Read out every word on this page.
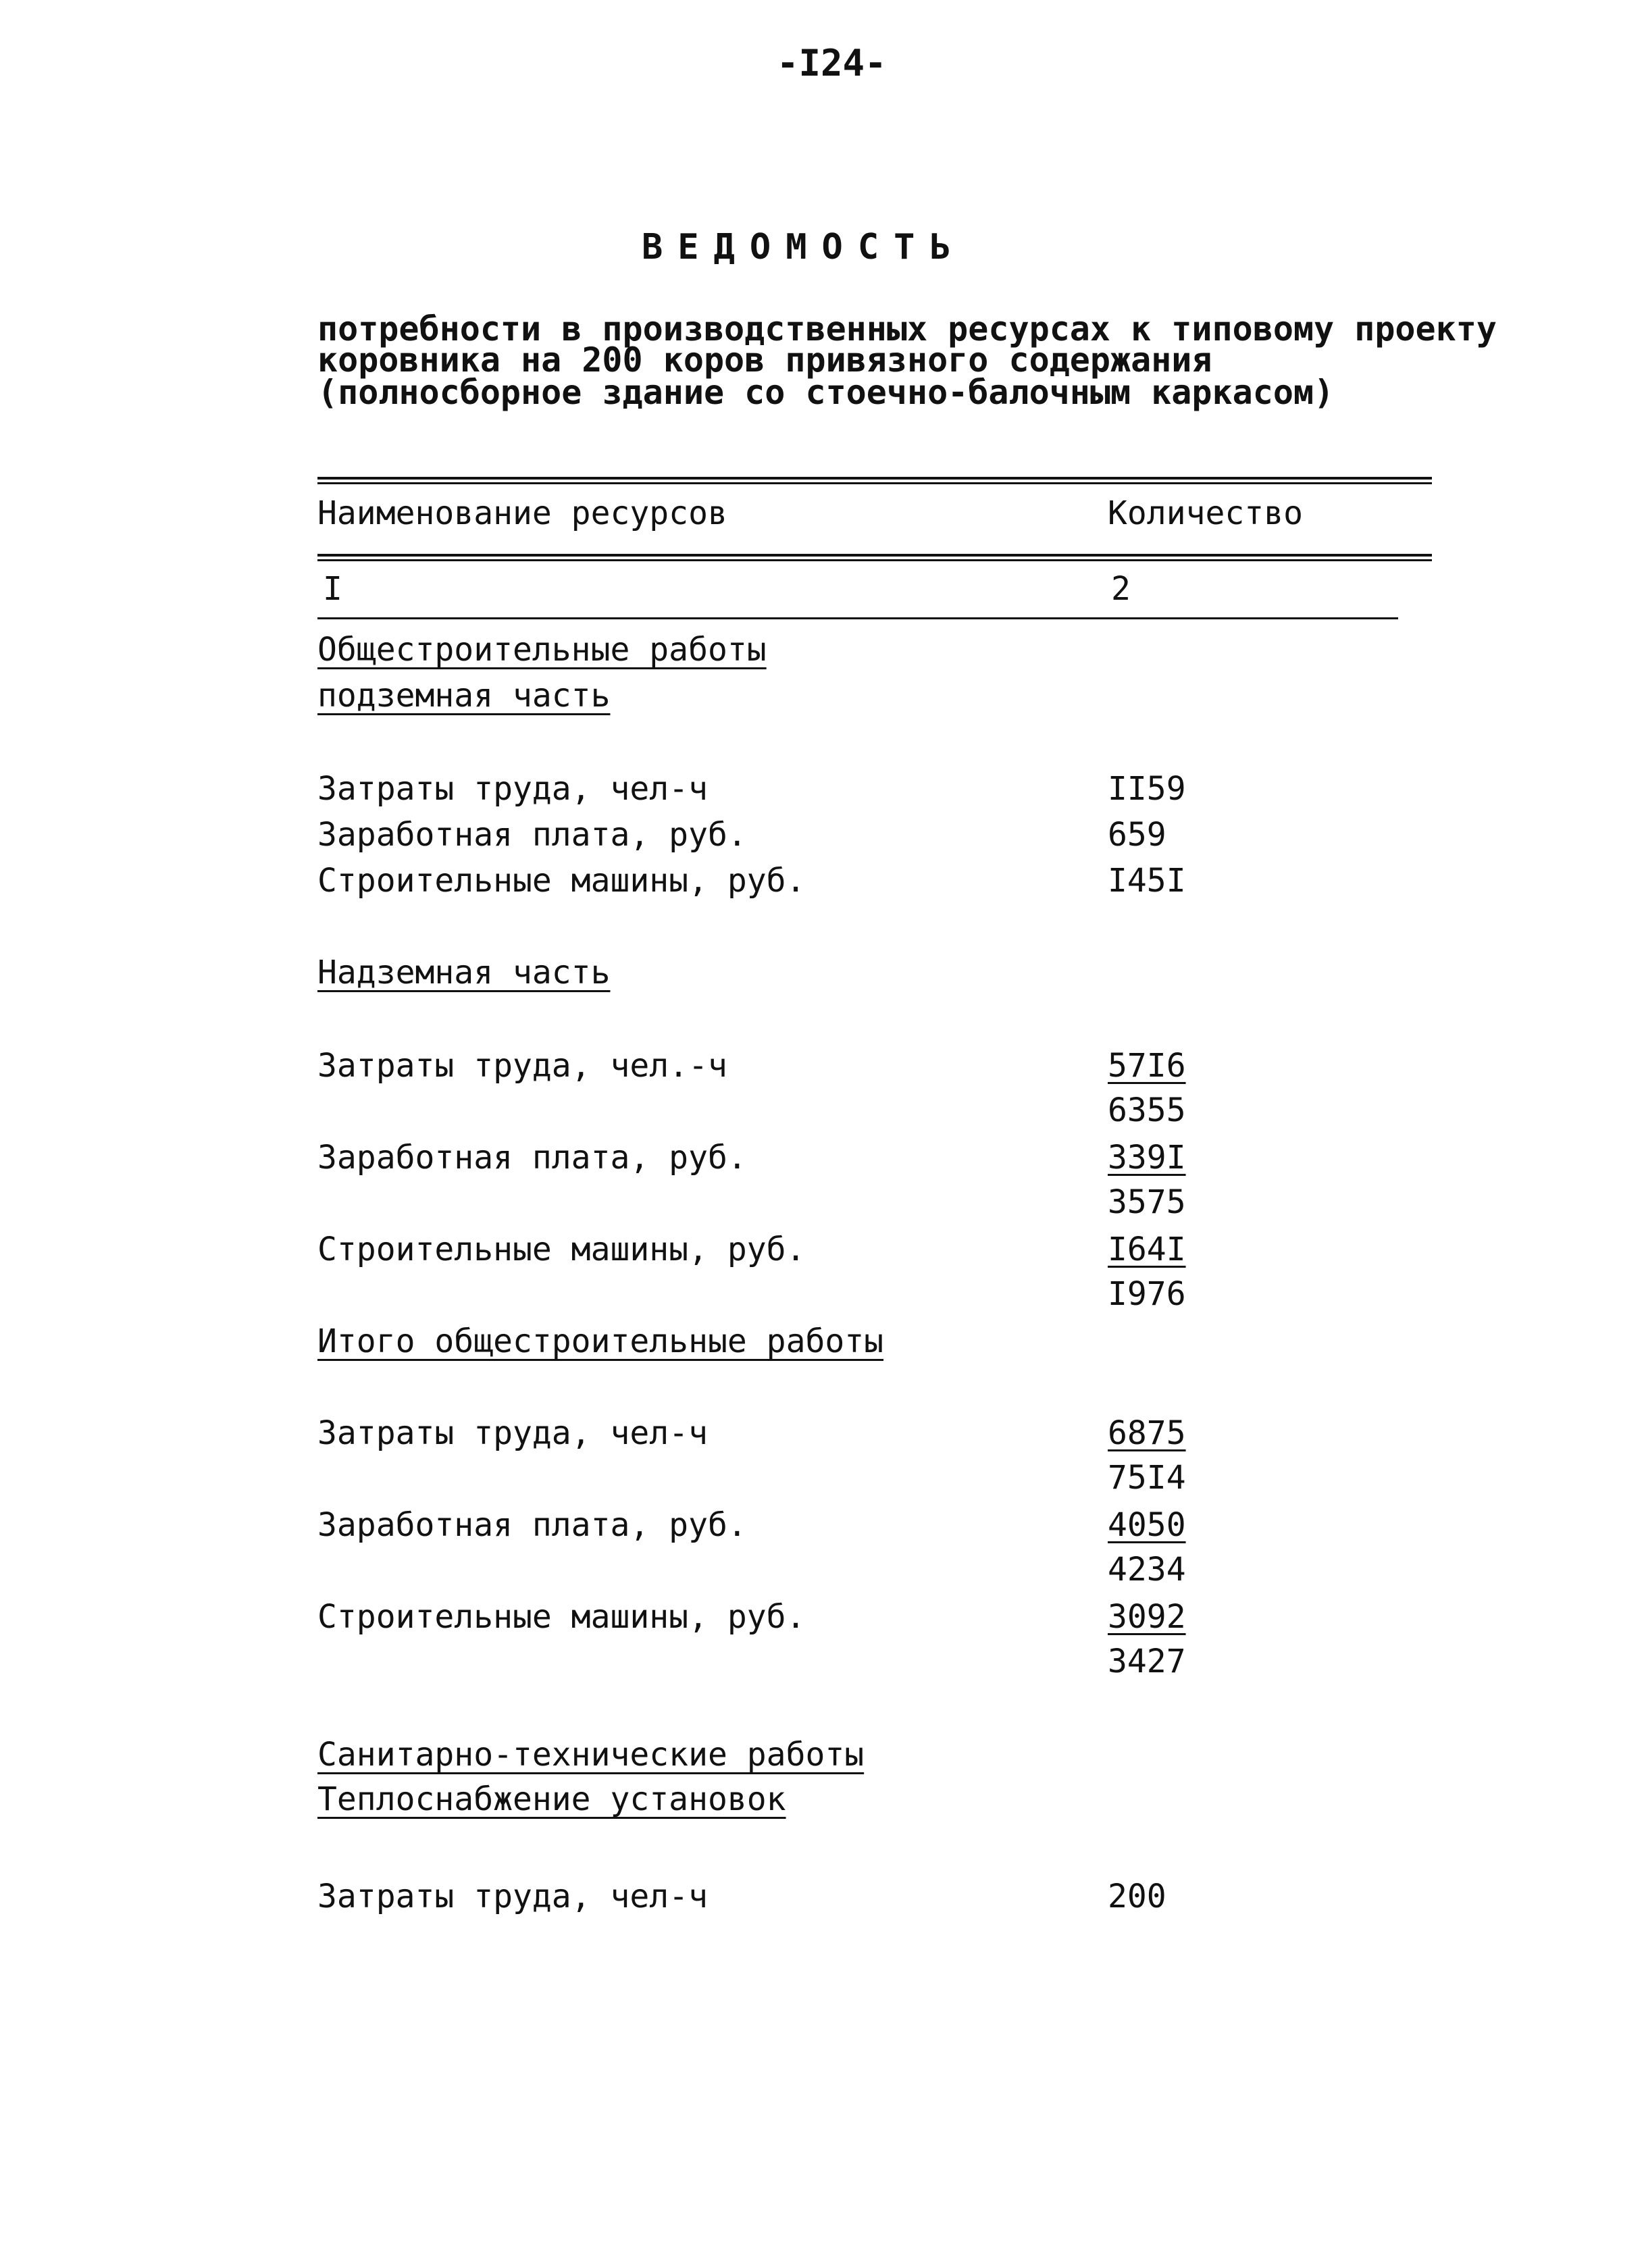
-I24-
ВЕДОМОСТЬ
потребности в производственных ресурсах к типовому проекту
коровника на 200 коров привязного содержания
(полносборное здание со стоечно-балочным каркасом)
Наименование ресурсов	Количество
I	2
Общестроительные работы
подземная часть
Затраты труда, чел-ч	II59
Заработная плата, руб.	659
Строительные машины, руб.	I45I
Надземная часть
Затраты труда, чел.-ч	57I6
6355
Заработная плата, руб.	339I
3575
Строительные машины, руб.	I64I
I976
Итого общестроительные работы
Затраты труда, чел-ч	6875
75I4
Заработная плата, руб.	4050
4234
Строительные машины, руб.	3092
3427
Санитарно-технические работы
Теплоснабжение установок
Затраты труда, чел-ч	200
